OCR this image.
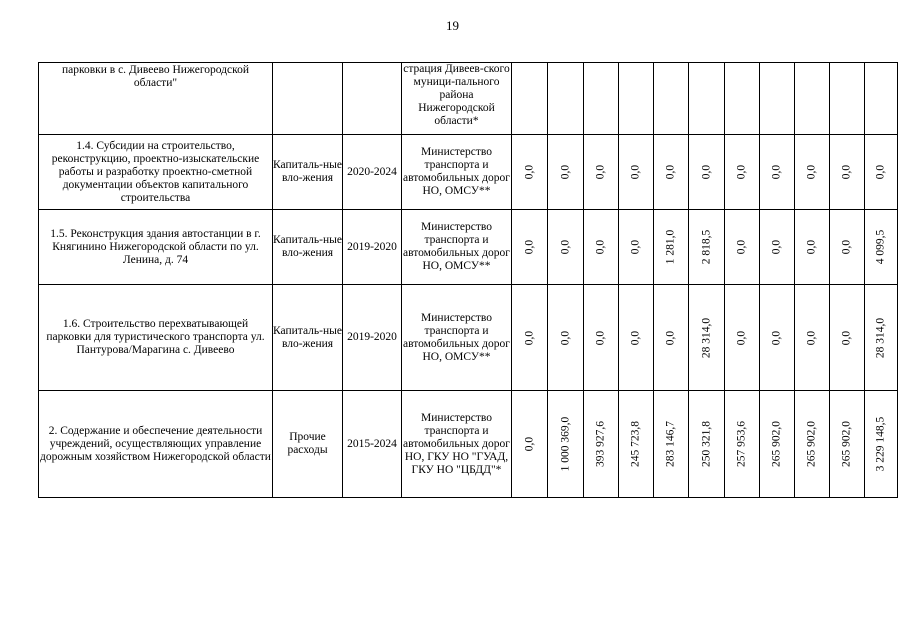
19
парковки в с. Дивеево Нижегородской области"			страция Дивеев-ского муници-пального района Нижегородской области*	

1.4. Субсидии на строительство, реконструкцию, проектно-изыскательские работы и разработку проектно-сметной документации объектов капитального строительства	Капиталь-ные вло-жения	2020-2024	Министерство транспорта и автомобильных дорог НО, ОМСУ**	0,0	0,0	0,0	0,0	0,0	0,0	0,0	0,0	0,0	0,0	0,0

1.5. Реконструкция здания автостанции в г. Княгинино Нижегородской области по ул. Ленина, д. 74	Капиталь-ные вло-жения	2019-2020	Министерство транспорта и автомобильных дорог НО, ОМСУ**	0,0	0,0	0,0	0,0	1 281,0	2 818,5	0,0	0,0	0,0	0,0	4 099,5

1.6. Строительство перехватывающей парковки для туристического транспорта ул. Пантурова/Марагина с. Дивеево	Капиталь-ные вло-жения	2019-2020	Министерство транспорта и автомобильных дорог НО, ОМСУ**	0,0	0,0	0,0	0,0	0,0	28 314,0	0,0	0,0	0,0	0,0	28 314,0

2. Содержание и обеспечение деятельности учреждений, осуществляющих управление дорожным хозяйством Нижегородской области	Прочие расходы	2015-2024	Министерство транспорта и автомобильных дорог НО, ГКУ НО "ГУАД, ГКУ НО "ЦБДД"*	0,0	1 000 369,0	393 927,6	245 723,8	283 146,7	250 321,8	257 953,6	265 902,0	265 902,0	265 902,0	3 229 148,5
